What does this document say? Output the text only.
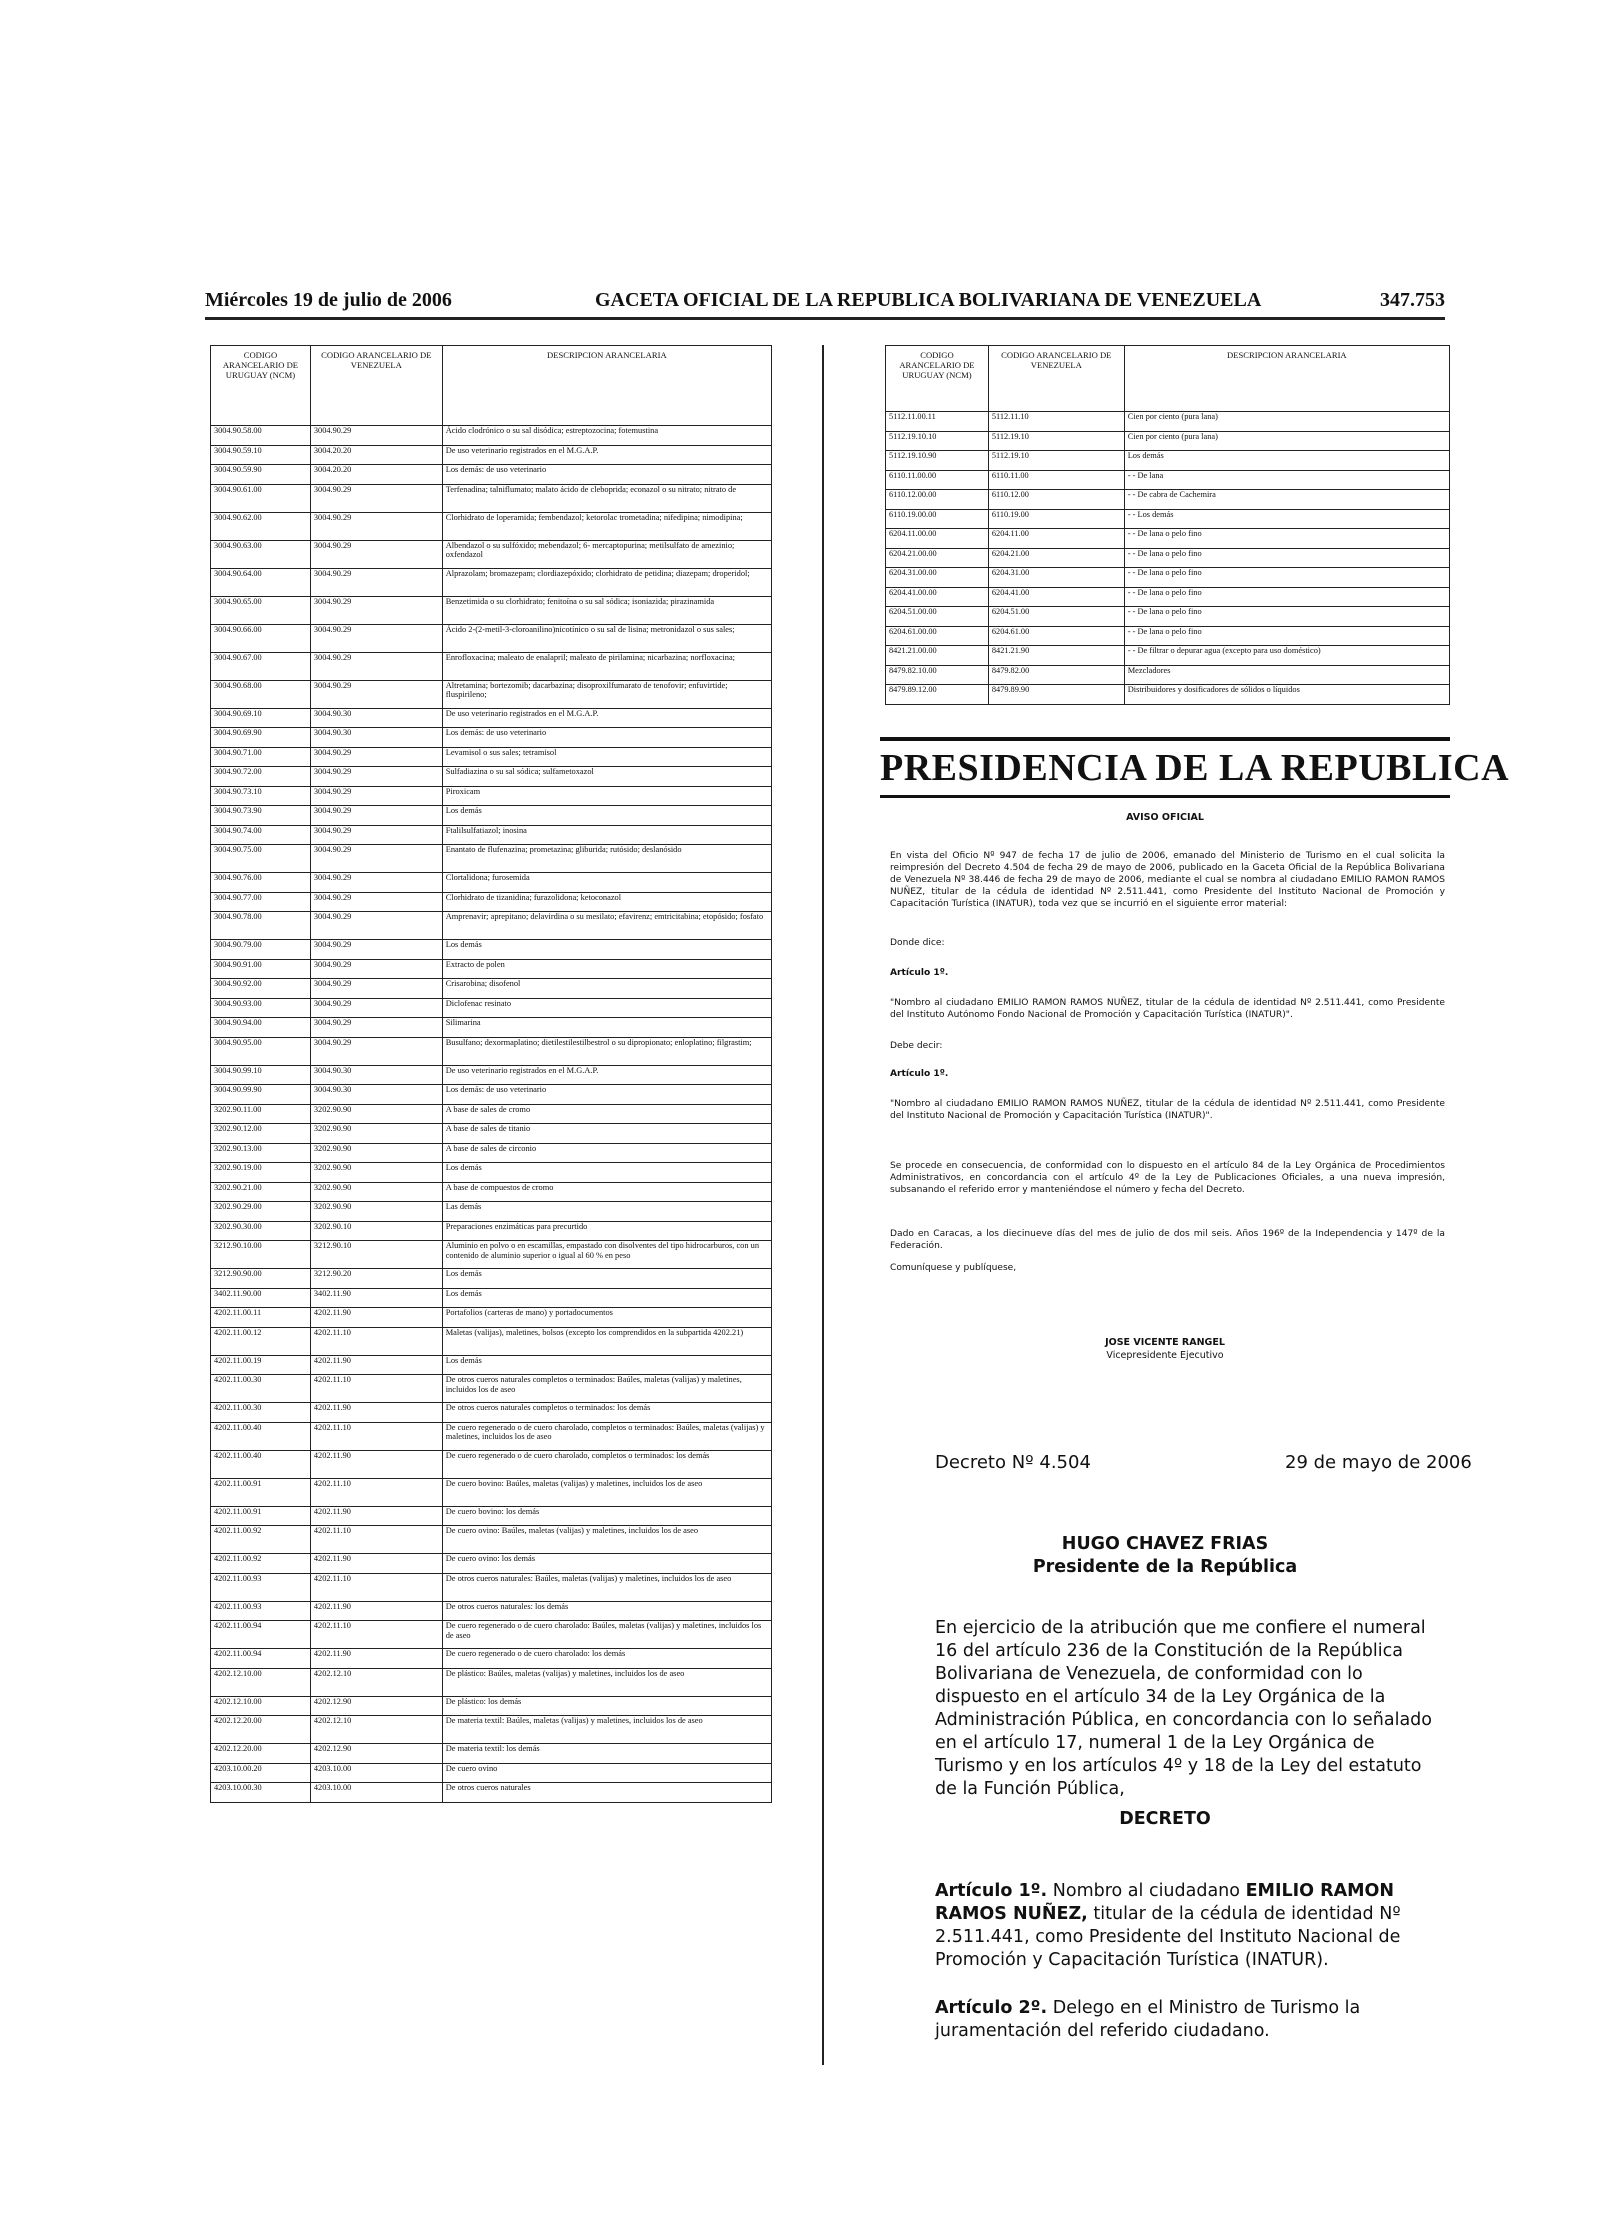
Miércoles 19 de julio de 2006	GACETA OFICIAL DE LA REPUBLICA BOLIVARIANA DE VENEZUELA	347.753
CODIGO ARANCELARIO DE URUGUAY (NCM)	CODIGO ARANCELARIO DE VENEZUELA	DESCRIPCION ARANCELARIA
3004.90.58.00	3004.90.29	Ácido clodrónico o su sal disódica; estreptozocina; fotemustina
3004.90.59.10	3004.20.20	De uso veterinario registrados en el M.G.A.P.
3004.90.59.90	3004.20.20	Los demás: de uso veterinario
3004.90.61.00	3004.90.29	Terfenadina; talniflumato; malato ácido de cleboprida; econazol o su nitrato; nitrato de
3004.90.62.00	3004.90.29	Clorhidrato de loperamida; fembendazol; ketorolac trometadina; nifedipina; nimodipina;
3004.90.63.00	3004.90.29	Albendazol o su sulfóxido; mebendazol; 6- mercaptopurina; metilsulfato de amezinio; oxfendazol
3004.90.64.00	3004.90.29	Alprazolam; bromazepam; clordiazepóxido; clorhidrato de petidina; diazepam; droperidol;
3004.90.65.00	3004.90.29	Benzetimida o su clorhidrato; fenitoína o su sal sódica; isoniazida; pirazinamida
3004.90.66.00	3004.90.29	Ácido 2-(2-metil-3-cloroanilino)nicotínico o su sal de lisina; metronidazol o sus sales;
3004.90.67.00	3004.90.29	Enrofloxacina; maleato de enalapril; maleato de pirilamina; nicarbazina; norfloxacina;
3004.90.68.00	3004.90.29	Altretamina; bortezomib; dacarbazina; disoproxilfumarato de tenofovir; enfuvirtide; fluspirileno;
3004.90.69.10	3004.90.30	De uso veterinario registrados en el M.G.A.P.
3004.90.69.90	3004.90.30	Los demás: de uso veterinario
3004.90.71.00	3004.90.29	Levamisol o sus sales; tetramisol
3004.90.72.00	3004.90.29	Sulfadiazina o su sal sódica; sulfametoxazol
3004.90.73.10	3004.90.29	Piroxicam
3004.90.73.90	3004.90.29	Los demás
3004.90.74.00	3004.90.29	Ftalilsulfatiazol; inosina
3004.90.75.00	3004.90.29	Enantato de flufenazina; prometazina; gliburida; rutósido; deslanósido
3004.90.76.00	3004.90.29	Clortalidona; furosemida
3004.90.77.00	3004.90.29	Clorhidrato de tizanidina; furazolidona; ketoconazol
3004.90.78.00	3004.90.29	Amprenavir; aprepitano; delavirdina o su mesilato; efavirenz; emtricitabina; etopósido; fosfato
3004.90.79.00	3004.90.29	Los demás
3004.90.91.00	3004.90.29	Extracto de polen
3004.90.92.00	3004.90.29	Crisarobina; disofenol
3004.90.93.00	3004.90.29	Diclofenac resinato
3004.90.94.00	3004.90.29	Silimarina
3004.90.95.00	3004.90.29	Busulfano; dexormaplatino; dietilestilestilbestrol o su dipropionato; enloplatino; filgrastim;
3004.90.99.10	3004.90.30	De uso veterinario registrados en el M.G.A.P.
3004.90.99.90	3004.90.30	Los demás: de uso veterinario
3202.90.11.00	3202.90.90	A base de sales de cromo
3202.90.12.00	3202.90.90	A base de sales de titanio
3202.90.13.00	3202.90.90	A base de sales de circonio
3202.90.19.00	3202.90.90	Los demás
3202.90.21.00	3202.90.90	A base de compuestos de cromo
3202.90.29.00	3202.90.90	Las demás
3202.90.30.00	3202.90.10	Preparaciones enzimáticas para precurtido
3212.90.10.00	3212.90.10	Aluminio en polvo o en escamillas, empastado con disolventes del tipo hidrocarburos, con un contenido de aluminio superior o igual al 60 % en peso
3212.90.90.00	3212.90.20	Los demás
3402.11.90.00	3402.11.90	Los demás
4202.11.00.11	4202.11.90	Portafolios (carteras de mano) y portadocumentos
4202.11.00.12	4202.11.10	Maletas (valijas), maletines, bolsos (excepto los comprendidos en la subpartida 4202.21)
4202.11.00.19	4202.11.90	Los demás
4202.11.00.30	4202.11.10	De otros cueros naturales completos o terminados: Baúles, maletas (valijas) y maletines, incluidos los de aseo
4202.11.00.30	4202.11.90	De otros cueros naturales completos o terminados: los demás
4202.11.00.40	4202.11.10	De cuero regenerado o de cuero charolado, completos o terminados: Baúles, maletas (valijas) y maletines, incluidos los de aseo
4202.11.00.40	4202.11.90	De cuero regenerado o de cuero charolado, completos o terminados: los demás
4202.11.00.91	4202.11.10	De cuero bovino: Baúles, maletas (valijas) y maletines, incluidos los de aseo
4202.11.00.91	4202.11.90	De cuero bovino: los demás
4202.11.00.92	4202.11.10	De cuero ovino: Baúles, maletas (valijas) y maletines, incluidos los de aseo
4202.11.00.92	4202.11.90	De cuero ovino: los demás
4202.11.00.93	4202.11.10	De otros cueros naturales: Baúles, maletas (valijas) y maletines, incluidos los de aseo
4202.11.00.93	4202.11.90	De otros cueros naturales: los demás
4202.11.00.94	4202.11.10	De cuero regenerado o de cuero charolado: Baúles, maletas (valijas) y maletines, incluidos los de aseo
4202.11.00.94	4202.11.90	De cuero regenerado o de cuero charolado: los demás
4202.12.10.00	4202.12.10	De plástico: Baúles, maletas (valijas) y maletines, incluidos los de aseo
4202.12.10.00	4202.12.90	De plástico: los demás
4202.12.20.00	4202.12.10	De materia textil: Baúles, maletas (valijas) y maletines, incluidos los de aseo
4202.12.20.00	4202.12.90	De materia textil: los demás
4203.10.00.20	4203.10.00	De cuero ovino
4203.10.00.30	4203.10.00	De otros cueros naturales
CODIGO ARANCELARIO DE URUGUAY (NCM)	CODIGO ARANCELARIO DE VENEZUELA	DESCRIPCION ARANCELARIA
5112.11.00.11	5112.11.10	Cien por ciento (pura lana)
5112.19.10.10	5112.19.10	Cien por ciento (pura lana)
5112.19.10.90	5112.19.10	Los demás
6110.11.00.00	6110.11.00	- - De lana
6110.12.00.00	6110.12.00	- - De cabra de Cachemira
6110.19.00.00	6110.19.00	- - Los demás
6204.11.00.00	6204.11.00	- - De lana o pelo fino
6204.21.00.00	6204.21.00	- - De lana o pelo fino
6204.31.00.00	6204.31.00	- - De lana o pelo fino
6204.41.00.00	6204.41.00	- - De lana o pelo fino
6204.51.00.00	6204.51.00	- - De lana o pelo fino
6204.61.00.00	6204.61.00	- - De lana o pelo fino
8421.21.00.00	8421.21.90	- - De filtrar o depurar agua (excepto para uso doméstico)
8479.82.10.00	8479.82.00	Mezcladores
8479.89.12.00	8479.89.90	Distribuidores y dosificadores de sólidos o líquidos
PRESIDENCIA DE LA REPUBLICA
AVISO OFICIAL
En vista del Oficio Nº 947 de fecha 17 de julio de 2006, emanado del Ministerio de Turismo en el cual solicita la reimpresión del Decreto 4.504 de fecha 29 de mayo de 2006, publicado en la Gaceta Oficial de la República Bolivariana de Venezuela Nº 38.446 de fecha 29 de mayo de 2006, mediante el cual se nombra al ciudadano EMILIO RAMON RAMOS NUÑEZ, titular de la cédula de identidad Nº 2.511.441, como Presidente del Instituto Nacional de Promoción y Capacitación Turística (INATUR), toda vez que se incurrió en el siguiente error material:
Donde dice:
Artículo 1º.
"Nombro al ciudadano EMILIO RAMON RAMOS NUÑEZ, titular de la cédula de identidad Nº 2.511.441, como Presidente del Instituto Autónomo Fondo Nacional de Promoción y Capacitación Turística (INATUR)".
Debe decir:
Artículo 1º.
"Nombro al ciudadano EMILIO RAMON RAMOS NUÑEZ, titular de la cédula de identidad Nº 2.511.441, como Presidente del Instituto Nacional de Promoción y Capacitación Turística (INATUR)".
Se procede en consecuencia, de conformidad con lo dispuesto en el artículo 84 de la Ley Orgánica de Procedimientos Administrativos, en concordancia con el artículo 4º de la Ley de Publicaciones Oficiales, a una nueva impresión, subsanando el referido error y manteniéndose el número y fecha del Decreto.
Dado en Caracas, a los diecinueve días del mes de julio de dos mil seis. Años 196º de la Independencia y 147º de la Federación.
Comuníquese y publíquese,
JOSE VICENTE RANGEL
Vicepresidente Ejecutivo
Decreto Nº 4.504	29 de mayo de 2006
HUGO CHAVEZ FRIAS
Presidente de la República
En ejercicio de la atribución que me confiere el numeral 16 del artículo 236 de la Constitución de la República Bolivariana de Venezuela, de conformidad con lo dispuesto en el artículo 34 de la Ley Orgánica de la Administración Pública, en concordancia con lo señalado en el artículo 17, numeral 1 de la Ley Orgánica de Turismo y en los artículos 4º y 18 de la Ley del estatuto de la Función Pública,
DECRETO
Artículo 1º. Nombro al ciudadano EMILIO RAMON RAMOS NUÑEZ, titular de la cédula de identidad Nº 2.511.441, como Presidente del Instituto Nacional de Promoción y Capacitación Turística (INATUR).
Artículo 2º. Delego en el Ministro de Turismo la juramentación del referido ciudadano.
